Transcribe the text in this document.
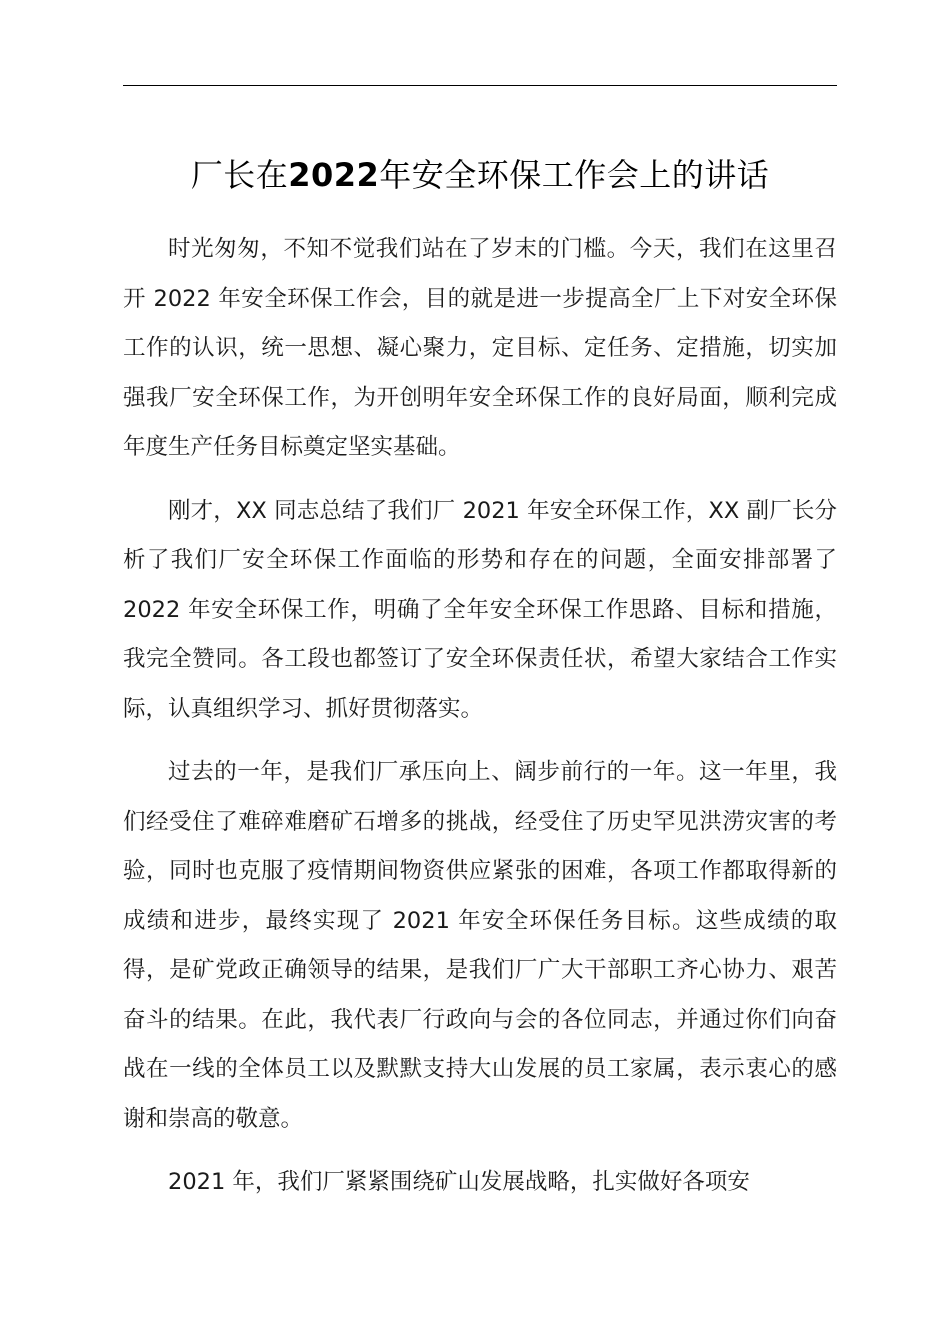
厂长在2022年安全环保工作会上的讲话

时光匆匆，不知不觉我们站在了岁末的门槛。今天，我们在这里召开 2022 年安全环保工作会，目的就是进一步提高全厂上下对安全环保工作的认识，统一思想、凝心聚力，定目标、定任务、定措施，切实加强我厂安全环保工作，为开创明年安全环保工作的良好局面，顺利完成年度生产任务目标奠定坚实基础。

刚才，XX 同志总结了我们厂 2021 年安全环保工作，XX 副厂长分析了我们厂安全环保工作面临的形势和存在的问题，全面安排部署了 2022 年安全环保工作，明确了全年安全环保工作思路、目标和措施，我完全赞同。各工段也都签订了安全环保责任状，希望大家结合工作实际，认真组织学习、抓好贯彻落实。

过去的一年，是我们厂承压向上、阔步前行的一年。这一年里，我们经受住了难碎难磨矿石增多的挑战，经受住了历史罕见洪涝灾害的考验，同时也克服了疫情期间物资供应紧张的困难，各项工作都取得新的成绩和进步，最终实现了 2021 年安全环保任务目标。这些成绩的取得，是矿党政正确领导的结果，是我们厂广大干部职工齐心协力、艰苦奋斗的结果。在此，我代表厂行政向与会的各位同志，并通过你们向奋战在一线的全体员工以及默默支持大山发展的员工家属，表示衷心的感谢和崇高的敬意。

2021 年，我们厂紧紧围绕矿山发展战略，扎实做好各项安
